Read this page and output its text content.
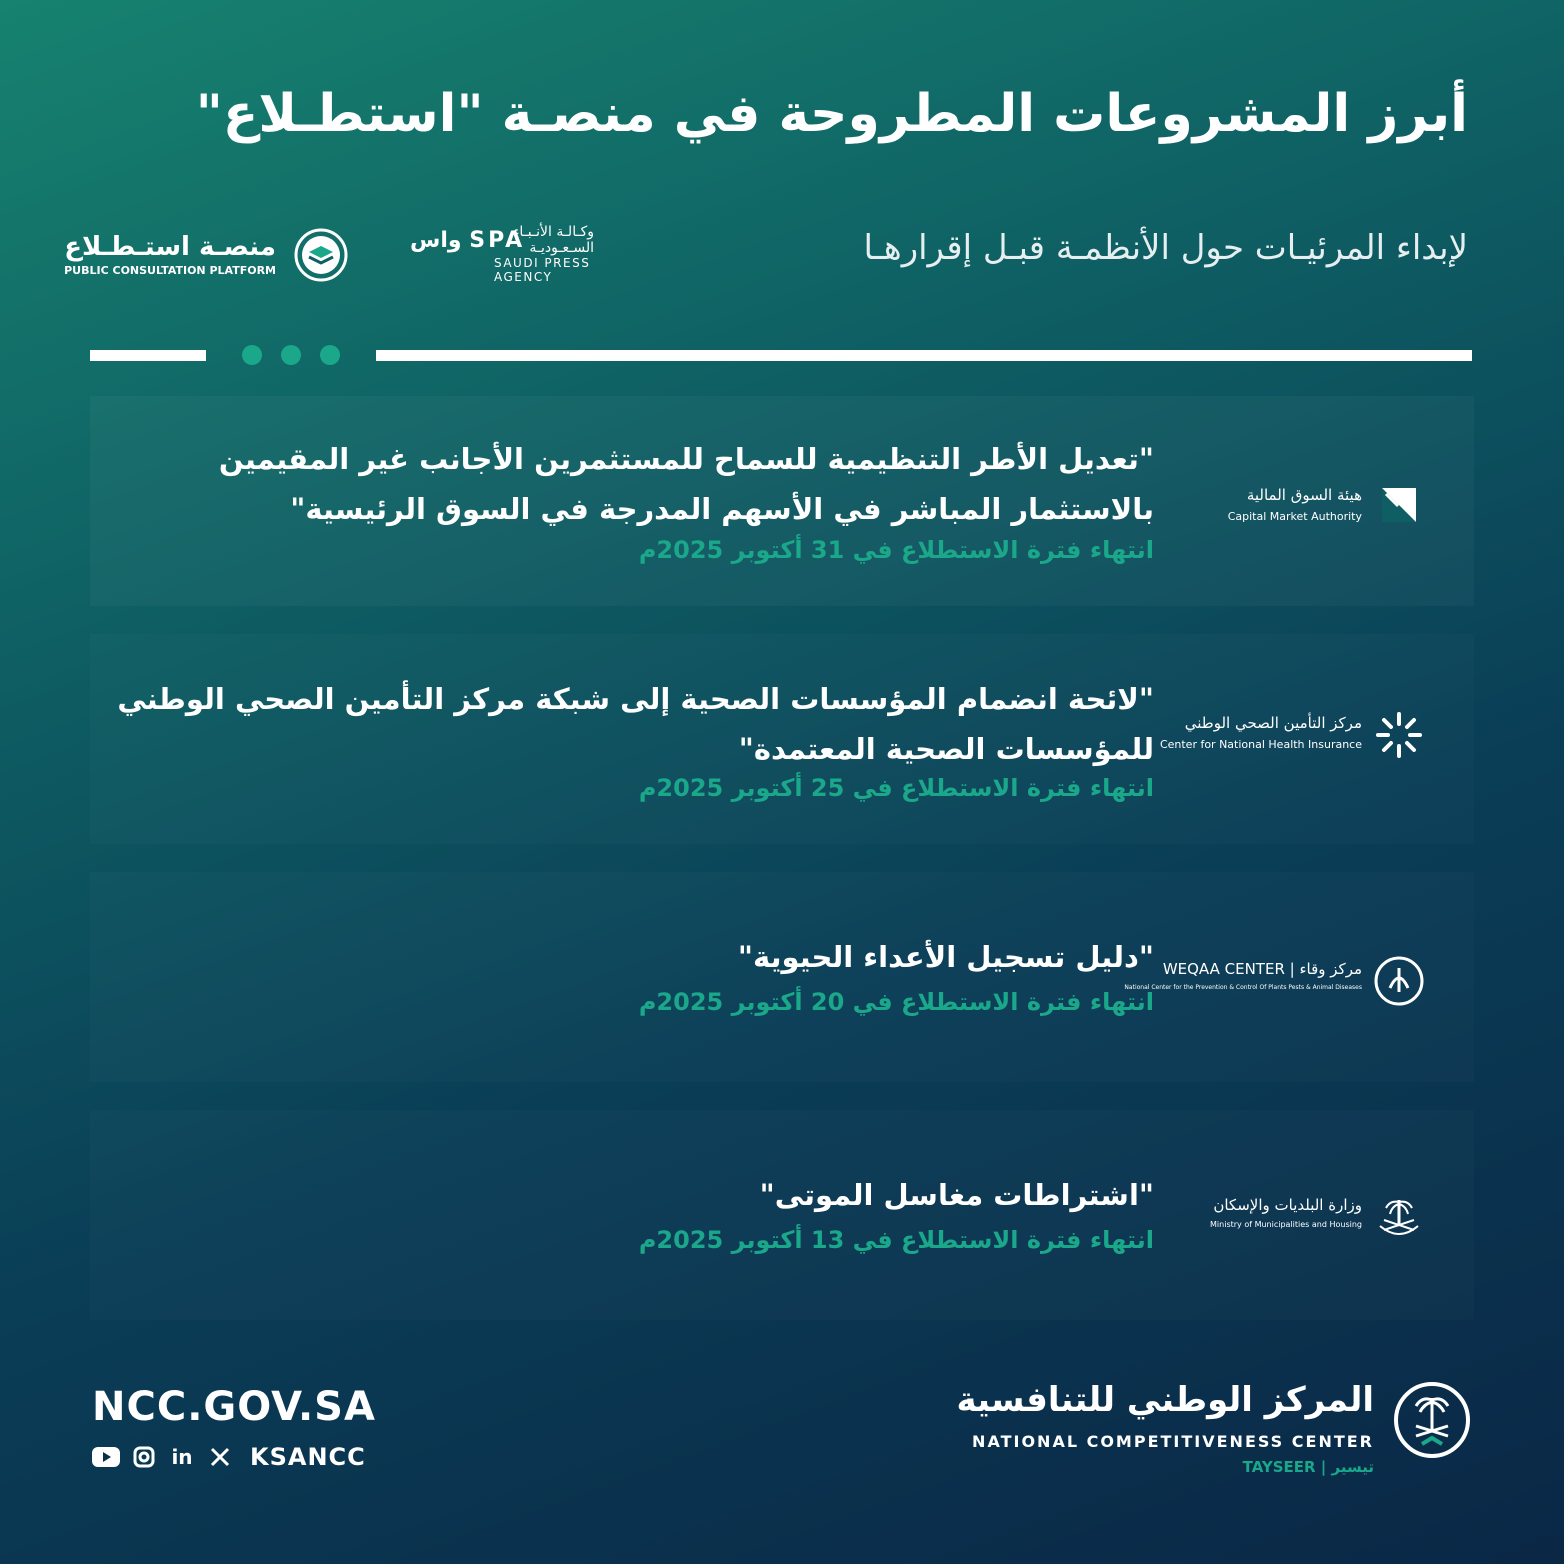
أبرز المشروعات المطروحة في منصـة "استطـلاع"
لإبداء المرئيـات حول الأنظمـة قبـل إقرارهـا
واس SPA
وكـالـة الأنـبـاء السـعـوديـة
SAUDI PRESS AGENCY
منصـة استـطـلاع
PUBLIC CONSULTATION PLATFORM
"تعديل الأطر التنظيمية للسماح للمستثمرين الأجانب غير المقيمين بالاستثمار المباشر في الأسهم المدرجة في السوق الرئيسية"
انتهاء فترة الاستطلاع في 31 أكتوبر 2025م
هيئة السوق المالية
Capital Market Authority
"لائحة انضمام المؤسسات الصحية إلى شبكة مركز التأمين الصحي الوطني للمؤسسات الصحية المعتمدة"
انتهاء فترة الاستطلاع في 25 أكتوبر 2025م
مركز التأمين الصحي الوطني
Center for National Health Insurance
"دليل تسجيل الأعداء الحيوية"
انتهاء فترة الاستطلاع في 20 أكتوبر 2025م
مركز وقاء | WEQAA CENTER
National Center for the Prevention & Control Of Plants Pests & Animal Diseases
"اشتراطات مغاسل الموتى"
انتهاء فترة الاستطلاع في 13 أكتوبر 2025م
وزارة البلديات والإسكان
Ministry of Municipalities and Housing
NCC.GOV.SA
in KSANCC
المركز الوطني للتنافسية
NATIONAL COMPETITIVENESS CENTER
TAYSEER | تيسير
